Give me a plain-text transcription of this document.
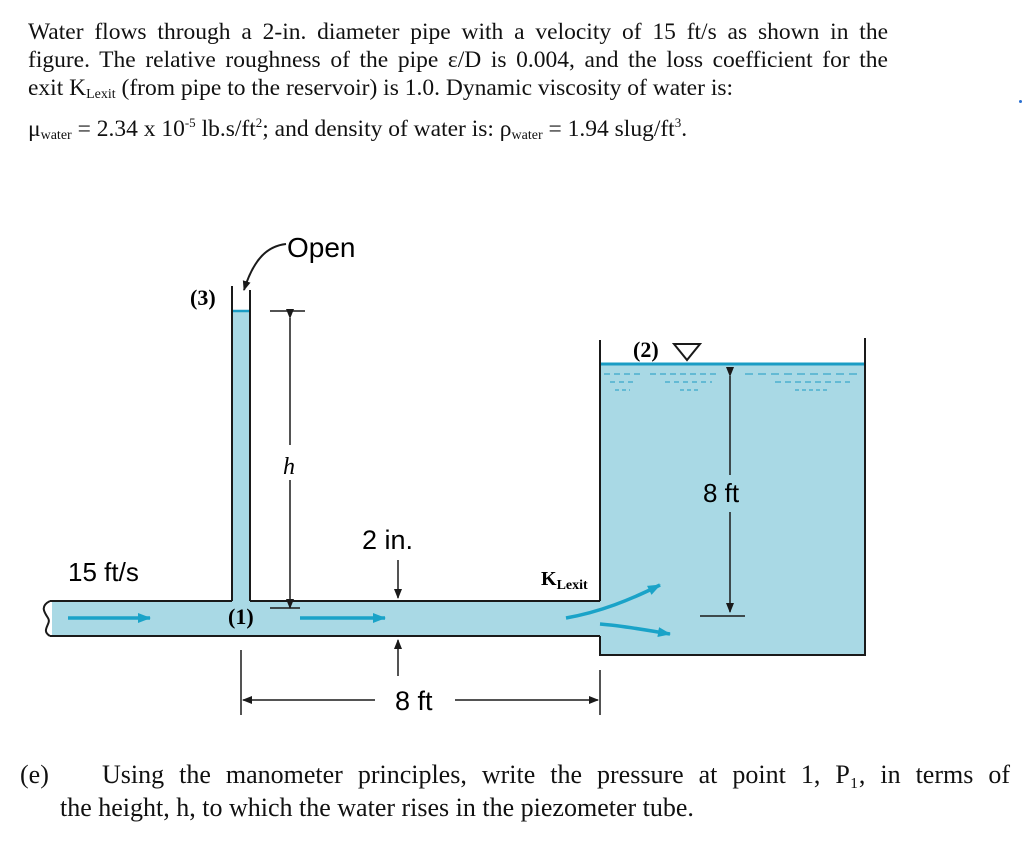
Water flows through a 2-in. diameter pipe with a velocity of 15 ft/s as shown in the

figure. The relative roughness of the pipe ε/D is 0.004, and the loss coefficient for the

exit $K_{Lexit}$ (from pipe to the reservoir) is 1.0. Dynamic viscosity of water is:

$\mu_{water} = 2.34$ x $10^{-5}$ $lb.s/ft^2$; and density of water is: $\rho_{water} = 1.94$ slug/$ft^3$.

Open
(3)
h
(2)
8 ft
2 in.
15 ft/s	$K_{Lexit}$
(1)
8 ft
(e)	Using the manometer principles, write the pressure at point 1, P₁, in terms of
the height, h, to which the water rises in the piezometer tube.
